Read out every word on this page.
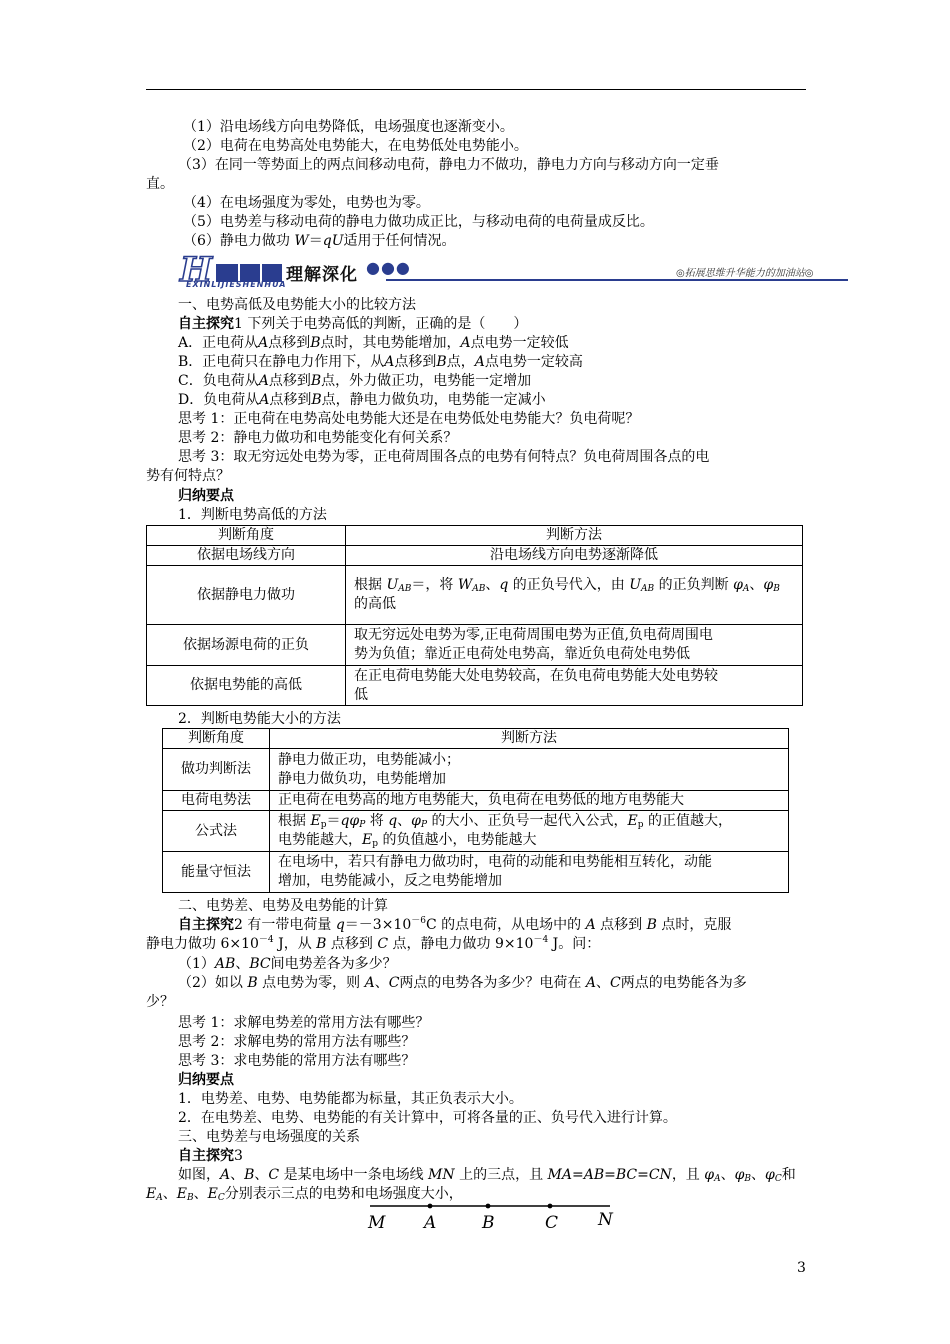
（1）沿电场线方向电势降低，电场强度也逐渐变小。
（2）电荷在电势高处电势能大，在电势低处电势能小。
（3）在同一等势面上的两点间移动电荷，静电力不做功，静电力方向与移动方向一定垂
直。
（4）在电场强度为零处，电势也为零。
（5）电势差与移动电荷的静电力做功成正比，与移动电荷的电荷量成反比。
（6）静电力做功 W＝qU适用于任何情况。
H	理解深化 ●●●
EXINLIJIESHENHUA
◎拓展思维升华能力的加油站◎
一、电势高低及电势能大小的比较方法
自主探究1 下列关于电势高低的判断，正确的是（　　）
A．正电荷从A点移到B点时，其电势能增加，A点电势一定较低
B．正电荷只在静电力作用下，从A点移到B点，A点电势一定较高
C．负电荷从A点移到B点，外力做正功，电势能一定增加
D．负电荷从A点移到B点，静电力做负功，电势能一定减小
思考 1：正电荷在电势高处电势能大还是在电势低处电势能大？负电荷呢？
思考 2：静电力做功和电势能变化有何关系？
思考 3：取无穷远处电势为零，正电荷周围各点的电势有何特点？负电荷周围各点的电
势有何特点？
归纳要点
1．判断电势高低的方法
判断角度	判断方法
依据电场线方向	沿电场线方向电势逐渐降低
依据静电力做功	根据 $U_{AB}=$，将 $W_{AB}$、q 的正负号代入，由 $U_{AB}$ 的正负判断 $\varphi_A$、$\varphi_B$
的高低
依据场源电荷的正负	取无穷远处电势为零,正电荷周围电势为正值,负电荷周围电
势为负值；靠近正电荷处电势高，靠近负电荷处电势低
依据电势能的高低	在正电荷电势能大处电势较高，在负电荷电势能大处电势较
低
2．判断电势能大小的方法
判断角度	判断方法
做功判断法	静电力做正功，电势能减小；
静电力做负功，电势能增加
电荷电势法	正电荷在电势高的地方电势能大，负电荷在电势低的地方电势能大
公式法	根据 $E_p=q\varphi_P$ 将 q、$\varphi_P$ 的大小、正负号一起代入公式，$E_p$ 的正值越大，
电势能越大，$E_p$ 的负值越小，电势能越大
能量守恒法	在电场中，若只有静电力做功时，电荷的动能和电势能相互转化，动能
增加，电势能减小，反之电势能增加
二、电势差、电势及电势能的计算
自主探究2 有一带电荷量 $q=-3\times 10^{-6}C$ 的点电荷，从电场中的 A 点移到 B 点时，克服
静电力做功 $6\times 10^{-4}$ J，从 B 点移到 C 点，静电力做功 $9\times 10^{-4}$ J。问：
（1）AB、BC间电势差各为多少？
（2）如以 B 点电势为零，则 A、C两点的电势各为多少？电荷在 A、C两点的电势能各为多
少？
思考 1：求解电势差的常用方法有哪些？
思考 2：求解电势的常用方法有哪些？
思考 3：求电势能的常用方法有哪些？
归纳要点
1．电势差、电势、电势能都为标量，其正负表示大小。
2．在电势差、电势、电势能的有关计算中，可将各量的正、负号代入进行计算。
三、电势差与电场强度的关系
自主探究3
如图，A、B、C 是某电场中一条电场线 MN 上的三点，且 MA=AB=BC=CN，且 $\varphi_A$、$\varphi_B$、$\varphi_C$和
$E_A$、$E_B$、$E_C$分别表示三点的电势和电场强度大小，
M A	B	C N
3
